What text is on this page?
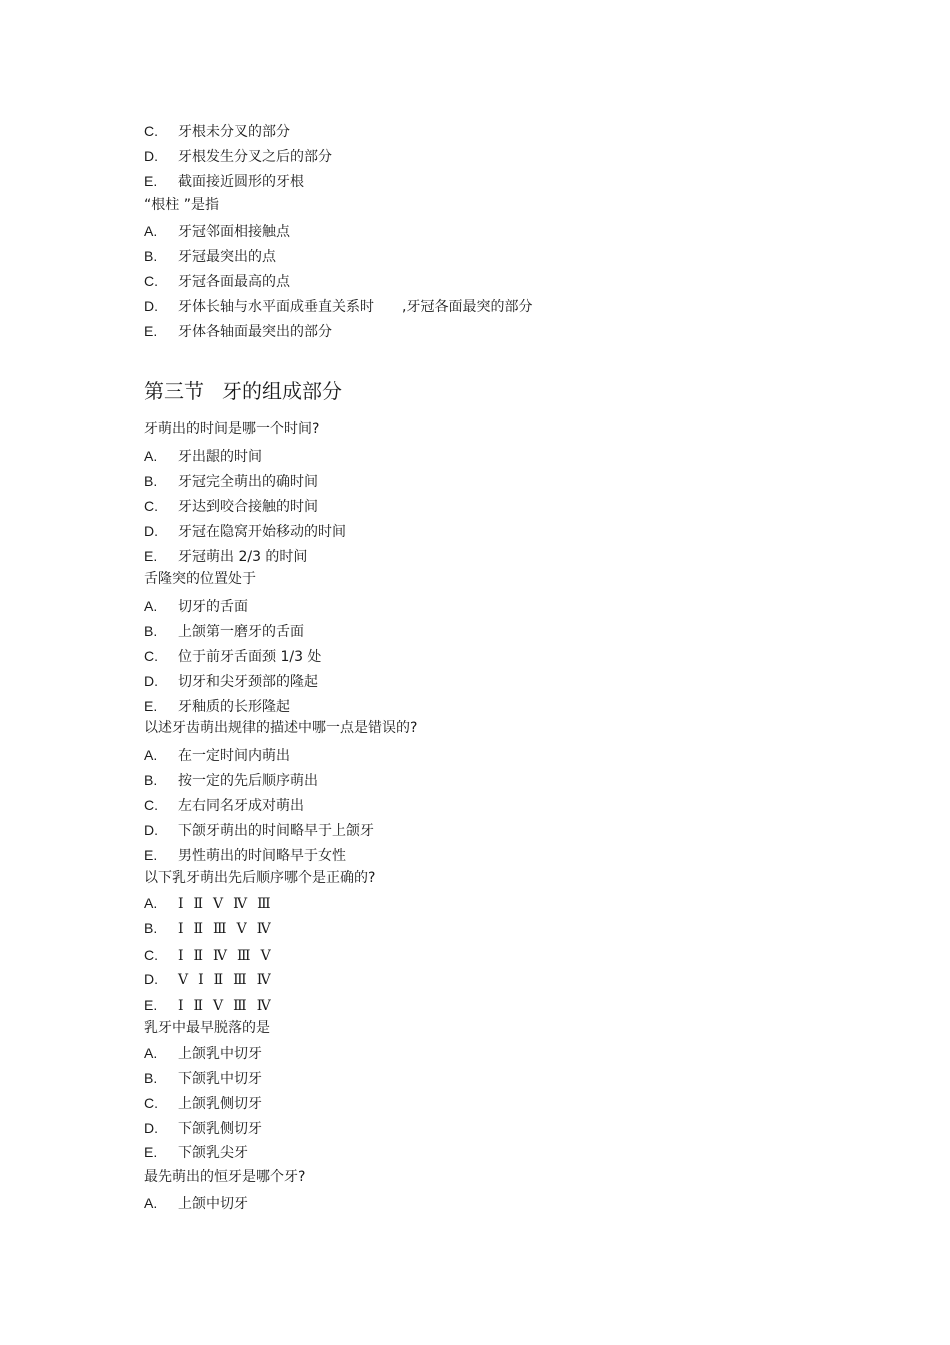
第三节 牙的组成部分
C. 牙根未分叉的部分
D. 牙根发生分叉之后的部分
E. 截面接近圆形的牙根
“根柱 ”是指
A. 牙冠邻面相接触点
B. 牙冠最突出的点
C. 牙冠各面最高的点
D. 牙体长轴与水平面成垂直关系时 ,牙冠各面最突的部分
E. 牙体各轴面最突出的部分
牙萌出的时间是哪一个时间?
A. 牙出龈的时间
B. 牙冠完全萌出的确时间
C. 牙达到咬合接触的时间
D. 牙冠在隐窝开始移动的时间
E. 牙冠萌出 2/3 的时间
舌隆突的位置处于
A. 切牙的舌面
B. 上颌第一磨牙的舌面
C. 位于前牙舌面颈 1/3 处
D. 切牙和尖牙颈部的隆起
E. 牙釉质的长形隆起
以述牙齿萌出规律的描述中哪一点是错误的?
A. 在一定时间内萌出
B. 按一定的先后顺序萌出
C. 左右同名牙成对萌出
D. 下颌牙萌出的时间略早于上颌牙
E. 男性萌出的时间略早于女性
以下乳牙萌出先后顺序哪个是正确的?
A. Ⅰ Ⅱ Ⅴ Ⅳ Ⅲ
B. Ⅰ Ⅱ Ⅲ Ⅴ Ⅳ
C. Ⅰ Ⅱ Ⅳ Ⅲ Ⅴ
D. Ⅴ Ⅰ Ⅱ Ⅲ Ⅳ
E. Ⅰ Ⅱ Ⅴ Ⅲ Ⅳ
乳牙中最早脱落的是
A. 上颌乳中切牙
B. 下颌乳中切牙
C. 上颌乳侧切牙
D. 下颌乳侧切牙
E. 下颌乳尖牙
最先萌出的恒牙是哪个牙?
A. 上颌中切牙
